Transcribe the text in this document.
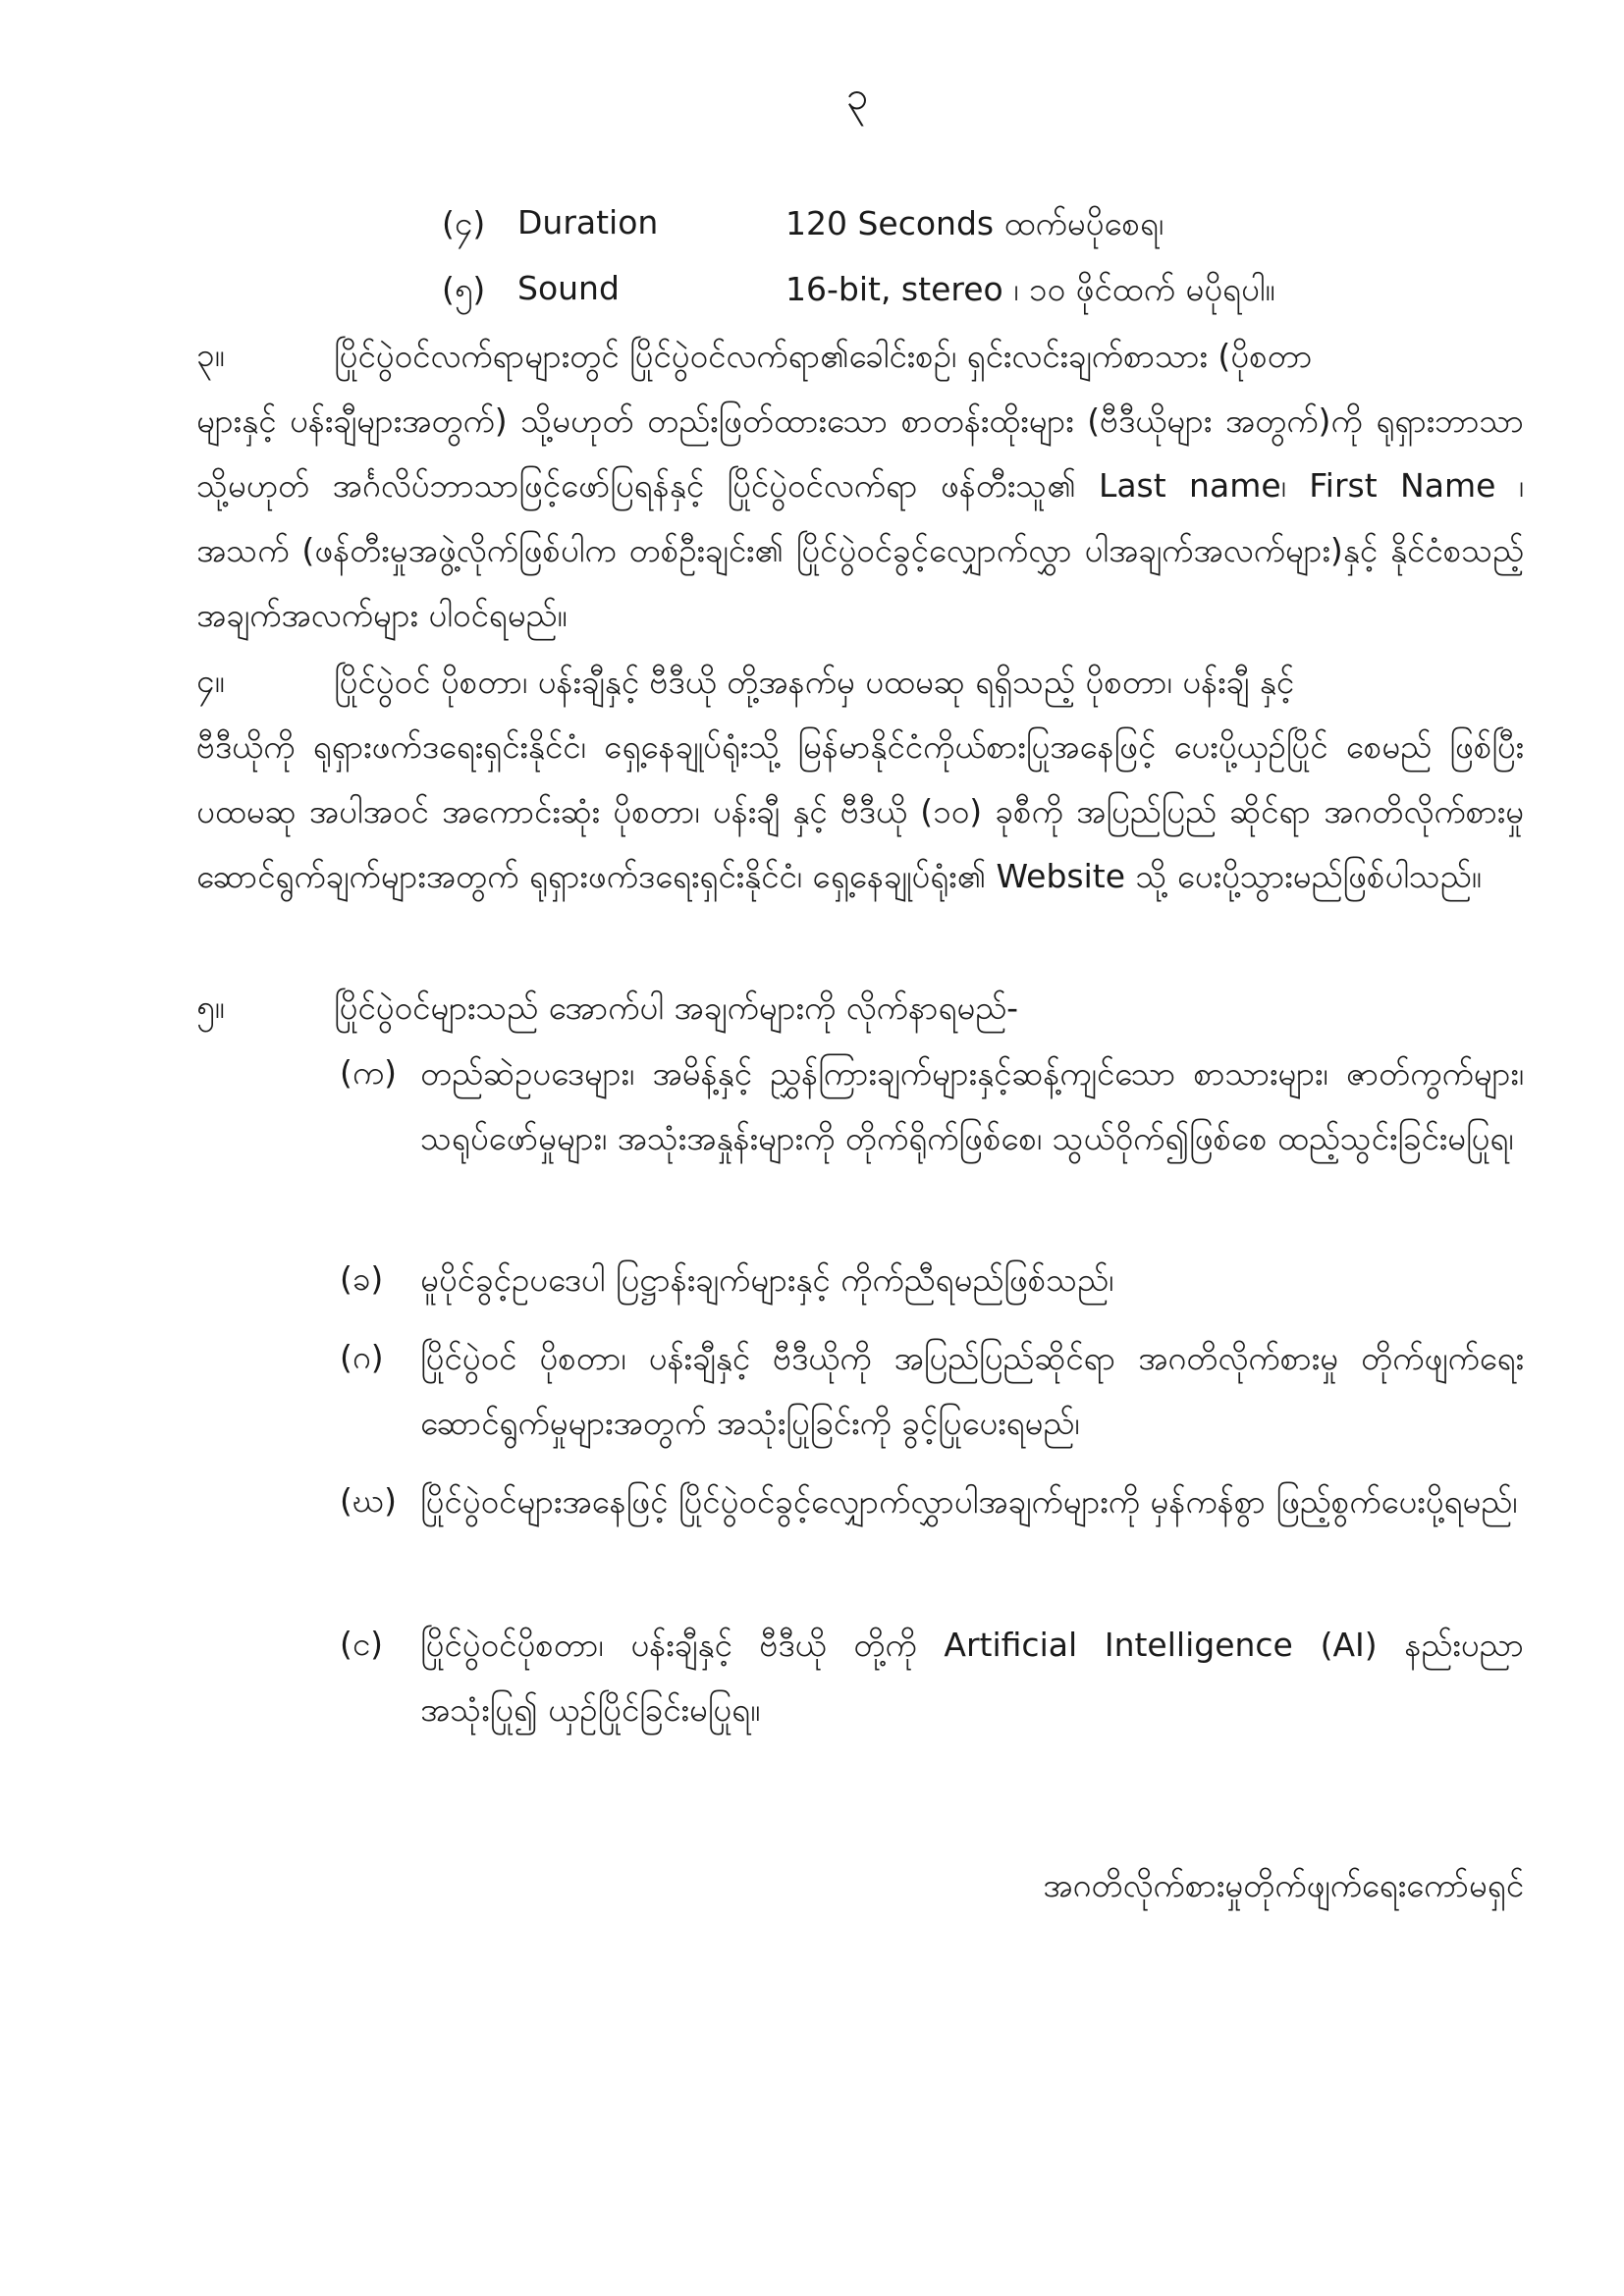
၃
(၄) Duration	120 Seconds ထက်မပိုစေရ၊
(၅) Sound	16-bit, stereo ၊ ၁၀ ဖိုင်ထက် မပိုရပါ။
၃။	ပြိုင်ပွဲဝင်လက်ရာများတွင် ပြိုင်ပွဲဝင်လက်ရာ၏ခေါင်းစဉ်၊ ရှင်းလင်းချက်စာသား (ပိုစတာ
များနှင့် ပန်းချီများအတွက်) သို့မဟုတ် တည်းဖြတ်ထားသော စာတန်းထိုးများ (ဗီဒီယိုများ အတွက်)ကို ရုရှားဘာသာ သို့မဟုတ် အင်္ဂလိပ်ဘာသာဖြင့်ဖော်ပြရန်နှင့် ပြိုင်ပွဲဝင်လက်ရာ ဖန်တီးသူ၏ Last name၊ First Name ၊ အသက် (ဖန်တီးမှုအဖွဲ့လိုက်ဖြစ်ပါက တစ်ဦးချင်း၏ ပြိုင်ပွဲဝင်ခွင့်လျှောက်လွှာ ပါအချက်အလက်များ)နှင့် နိုင်ငံစသည့် အချက်အလက်များ ပါဝင်ရမည်။
၄။	ပြိုင်ပွဲဝင် ပိုစတာ၊ ပန်းချီနှင့် ဗီဒီယို တို့အနက်မှ ပထမဆု ရရှိသည့် ပိုစတာ၊ ပန်းချီ နှင့်
ဗီဒီယိုကို ရုရှားဖက်ဒရေးရှင်းနိုင်ငံ၊ ရှေ့နေချုပ်ရုံးသို့ မြန်မာနိုင်ငံကိုယ်စားပြုအနေဖြင့် ပေးပို့ယှဉ်ပြိုင် စေမည် ဖြစ်ပြီး ပထမဆု အပါအဝင် အကောင်းဆုံး ပိုစတာ၊ ပန်းချီ နှင့် ဗီဒီယို (၁၀) ခုစီကို အပြည်ပြည် ဆိုင်ရာ အဂတိလိုက်စားမှုဆောင်ရွက်ချက်များအတွက် ရုရှားဖက်ဒရေးရှင်းနိုင်ငံ၊ ရှေ့နေချုပ်ရုံး၏ Website သို့ ပေးပို့သွားမည်ဖြစ်ပါသည်။
၅။	ပြိုင်ပွဲဝင်များသည် အောက်ပါ အချက်များကို လိုက်နာရမည်-
(က) တည်ဆဲဥပဒေများ၊ အမိန့်နှင့် ညွှန်ကြားချက်များနှင့်ဆန့်ကျင်သော စာသားများ၊ ဇာတ်ကွက်များ၊ သရုပ်ဖော်မှုများ၊ အသုံးအနှုန်းများကို တိုက်ရိုက်ဖြစ်စေ၊ သွယ်ဝိုက်၍ဖြစ်စေ ထည့်သွင်းခြင်းမပြုရ၊
(ခ) မူပိုင်ခွင့်ဥပဒေပါ ပြဋ္ဌာန်းချက်များနှင့် ကိုက်ညီရမည်ဖြစ်သည်၊
(ဂ) ပြိုင်ပွဲဝင် ပိုစတာ၊ ပန်းချီနှင့် ဗီဒီယိုကို အပြည်ပြည်ဆိုင်ရာ အဂတိလိုက်စားမှု တိုက်ဖျက်ရေးဆောင်ရွက်မှုများအတွက် အသုံးပြုခြင်းကို ခွင့်ပြုပေးရမည်၊
(ဃ) ပြိုင်ပွဲဝင်များအနေဖြင့် ပြိုင်ပွဲဝင်ခွင့်လျှောက်လွှာပါအချက်များကို မှန်ကန်စွာ ဖြည့်စွက်ပေးပို့ရမည်၊
(င) ပြိုင်ပွဲဝင်ပိုစတာ၊ ပန်းချီနှင့် ဗီဒီယို တို့ကို Artificial Intelligence (AI) နည်းပညာ အသုံးပြု၍ ယှဉ်ပြိုင်ခြင်းမပြုရ။
အဂတိလိုက်စားမှုတိုက်ဖျက်ရေးကော်မရှင်
